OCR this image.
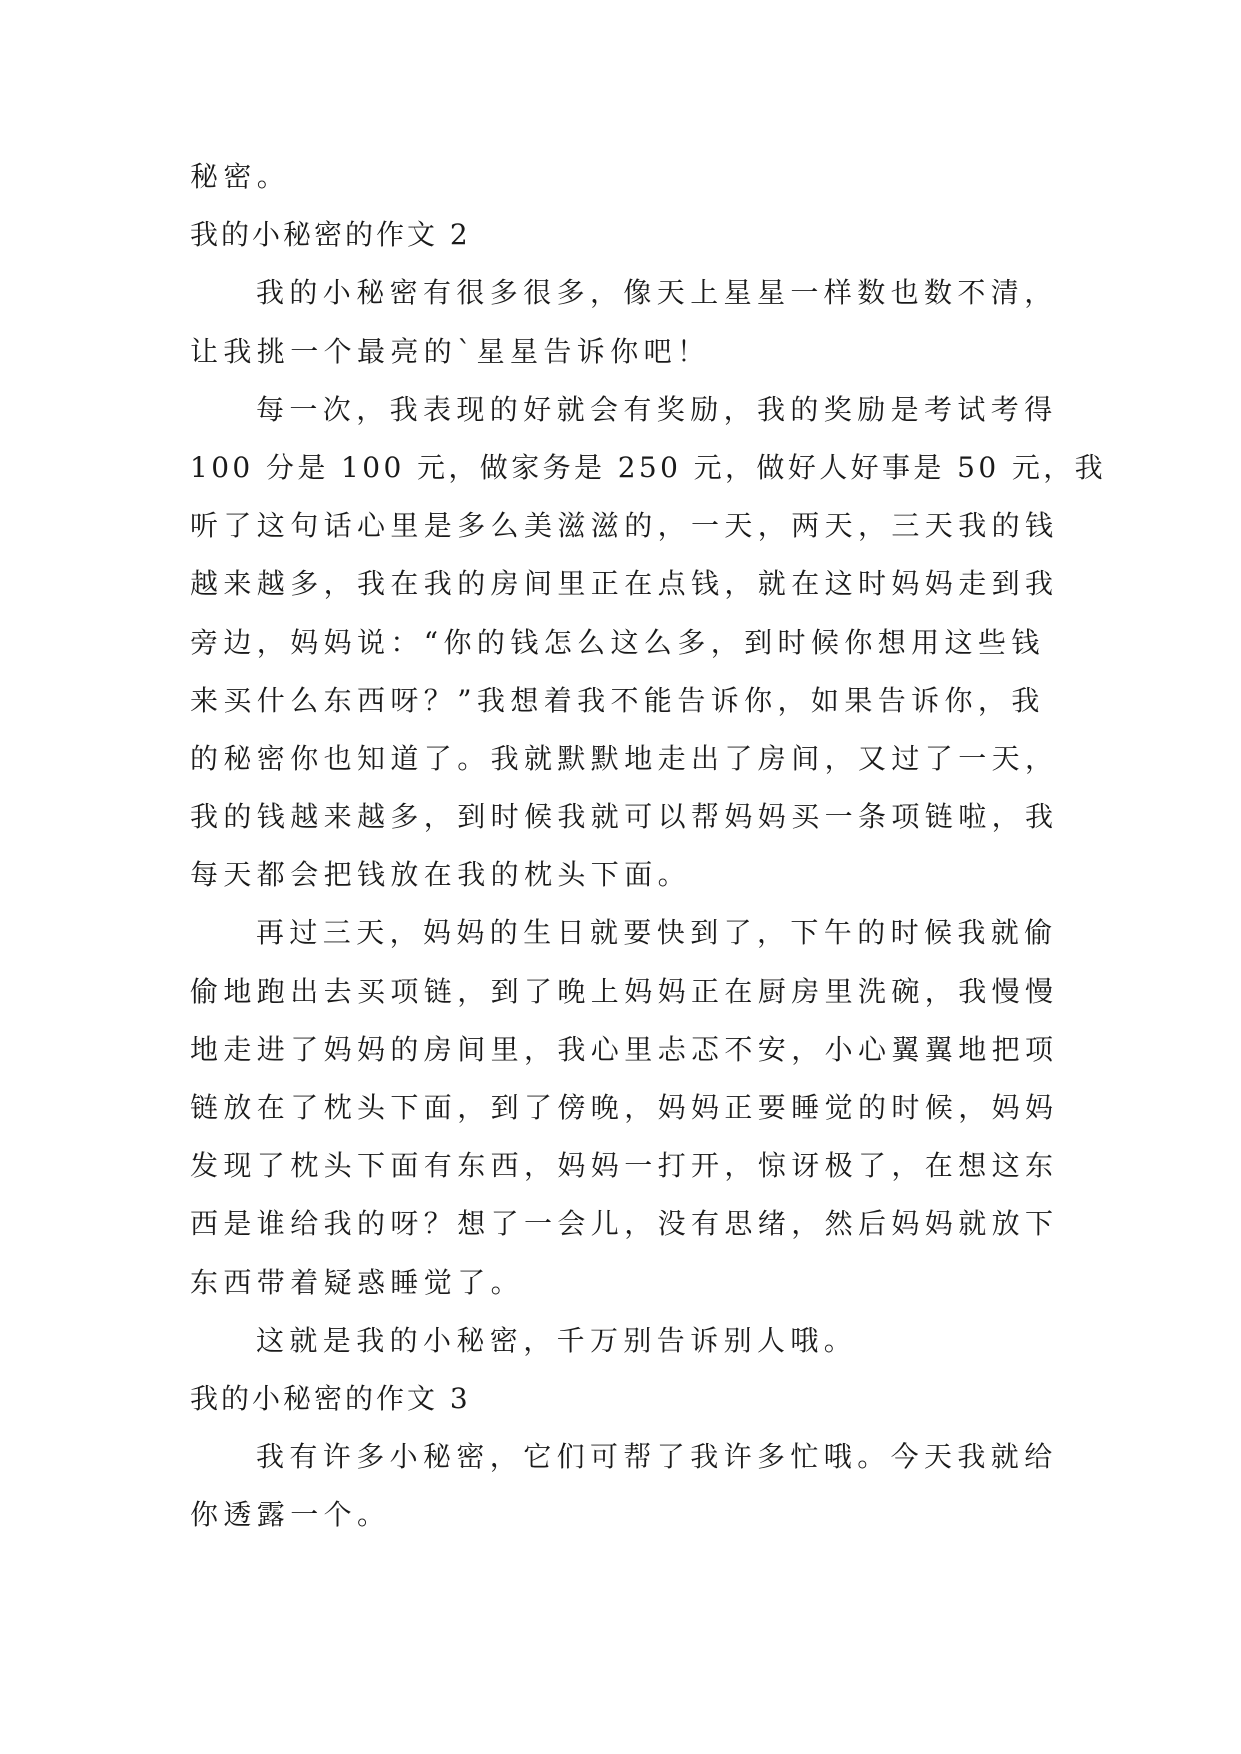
秘密。
我的小秘密的作文 2
我的小秘密有很多很多，像天上星星一样数也数不清，
让我挑一个最亮的`星星告诉你吧！
每一次，我表现的好就会有奖励，我的奖励是考试考得
100 分是 100 元，做家务是 250 元，做好人好事是 50 元，我
听了这句话心里是多么美滋滋的，一天，两天，三天我的钱
越来越多，我在我的房间里正在点钱，就在这时妈妈走到我
旁边，妈妈说：“你的钱怎么这么多，到时候你想用这些钱
来买什么东西呀？”我想着我不能告诉你，如果告诉你，我
的秘密你也知道了。我就默默地走出了房间，又过了一天，
我的钱越来越多，到时候我就可以帮妈妈买一条项链啦，我
每天都会把钱放在我的枕头下面。
再过三天，妈妈的生日就要快到了，下午的时候我就偷
偷地跑出去买项链，到了晚上妈妈正在厨房里洗碗，我慢慢
地走进了妈妈的房间里，我心里忐忑不安，小心翼翼地把项
链放在了枕头下面，到了傍晚，妈妈正要睡觉的时候，妈妈
发现了枕头下面有东西，妈妈一打开，惊讶极了，在想这东
西是谁给我的呀？想了一会儿，没有思绪，然后妈妈就放下
东西带着疑惑睡觉了。
这就是我的小秘密，千万别告诉别人哦。
我的小秘密的作文 3
我有许多小秘密，它们可帮了我许多忙哦。今天我就给
你透露一个。
